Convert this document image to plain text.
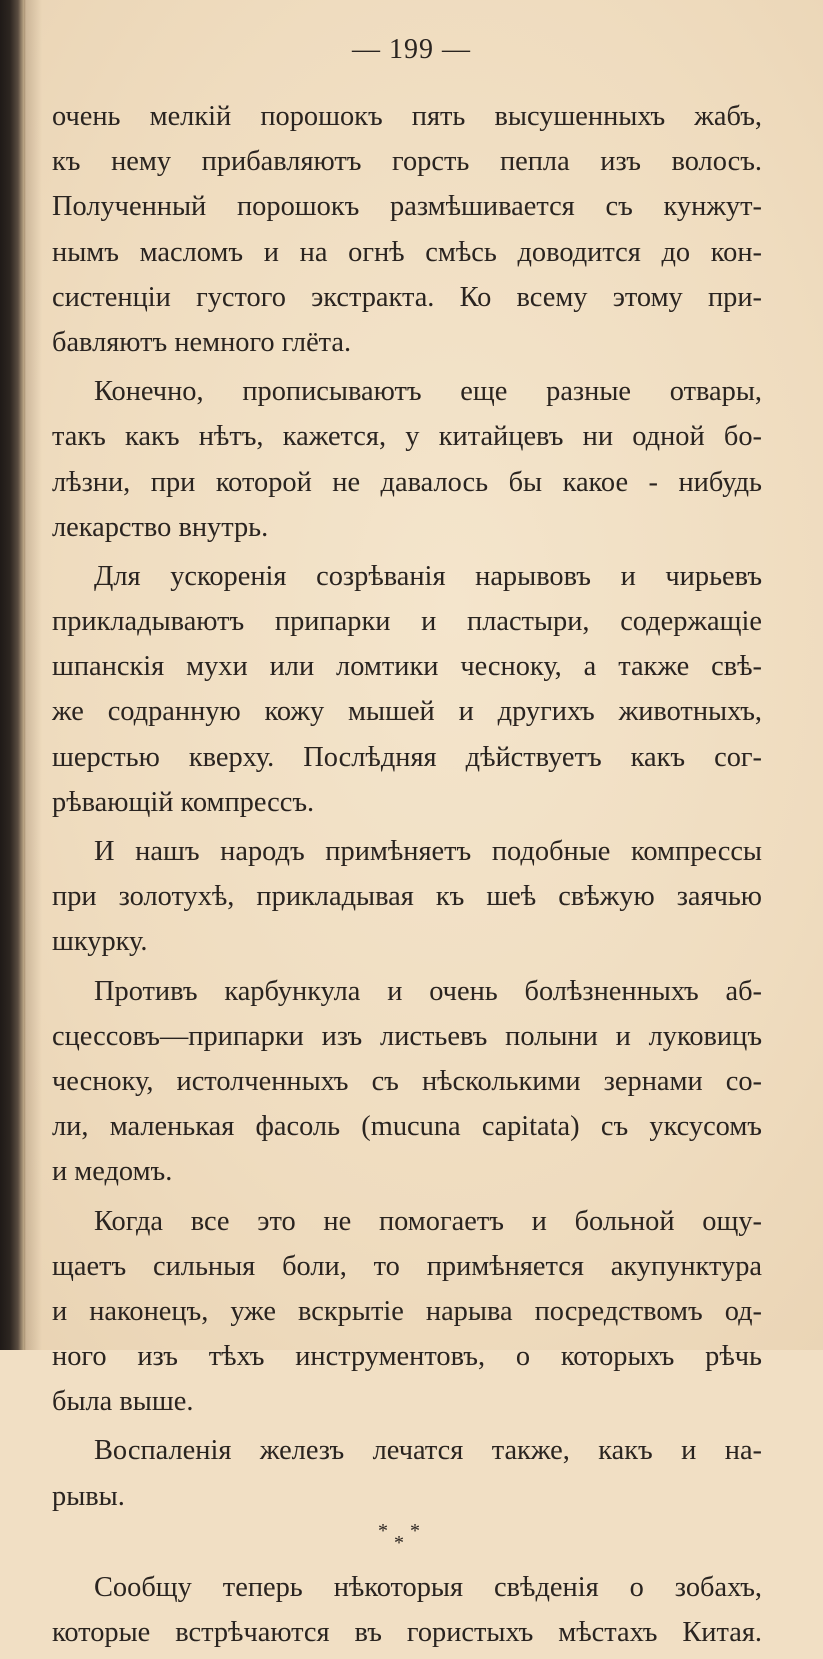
— 199 —
очень мелкій порошокъ пять высушенныхъ жабъ,
къ нему прибавляютъ горсть пепла изъ волосъ.
Полученный порошокъ размѣшивается съ кунжут-
нымъ масломъ и на огнѣ смѣсь доводится до кон-
систенціи густого экстракта. Ко всему этому при-
бавляютъ немного глёта.
Конечно, прописываютъ еще разные отвары,
такъ какъ нѣтъ, кажется, у китайцевъ ни одной бо-
лѣзни, при которой не давалось бы какое - нибудь
лекарство внутрь.
Для ускоренія созрѣванія нарывовъ и чирьевъ
прикладываютъ припарки и пластыри, содержащіе
шпанскія мухи или ломтики чесноку, а также свѣ-
же содранную кожу мышей и другихъ животныхъ,
шерстью кверху. Послѣдняя дѣйствуетъ какъ сог-
рѣвающій компрессъ.
И нашъ народъ примѣняетъ подобные компрессы
при золотухѣ, прикладывая къ шеѣ свѣжую заячью
шкурку.
Противъ карбункула и очень болѣзненныхъ аб-
сцессовъ—припарки изъ листьевъ полыни и луковицъ
чесноку, истолченныхъ съ нѣсколькими зернами со-
ли, маленькая фасоль (mucuna capitata) съ уксусомъ
и медомъ.
Когда все это не помогаетъ и больной ощу-
щаетъ сильныя боли, то примѣняется акупунктура
и наконецъ, уже вскрытіе нарыва посредствомъ од-
ного изъ тѣхъ инструментовъ, о которыхъ рѣчь
была выше.
Воспаленія железъ лечатся также, какъ и на-
рывы.
*
*
*
Сообщу теперь нѣкоторыя свѣденія о зобахъ,
которые встрѣчаются въ гористыхъ мѣстахъ Китая.
